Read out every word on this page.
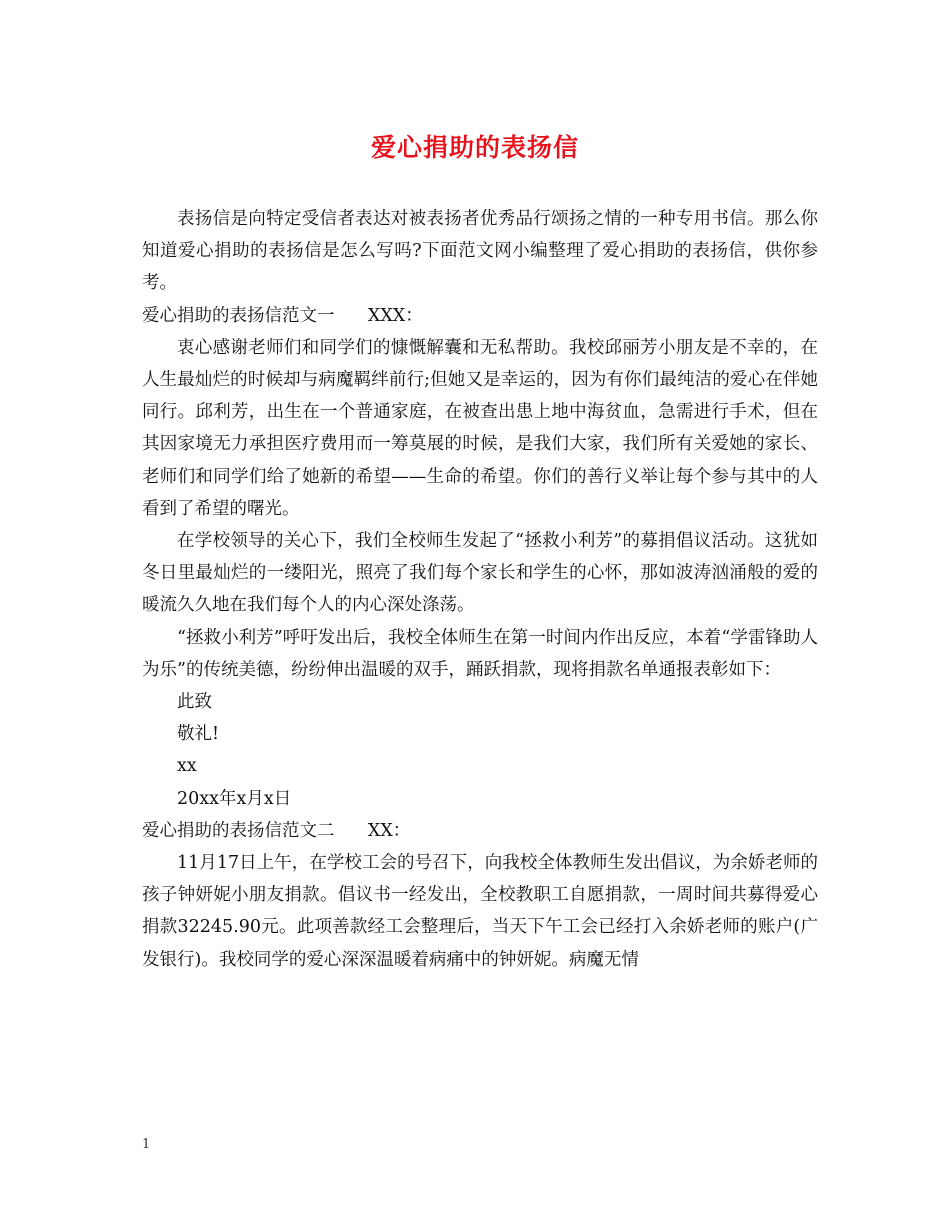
爱心捐助的表扬信

表扬信是向特定受信者表达对被表扬者优秀品行颂扬之情的一种专用书信。那么你知道爱心捐助的表扬信是怎么写吗?下面范文网小编整理了爱心捐助的表扬信，供你参考。

爱心捐助的表扬信范文一      XXX：

衷心感谢老师们和同学们的慷慨解囊和无私帮助。我校邱丽芳小朋友是不幸的，在人生最灿烂的时候却与病魔羁绊前行;但她又是幸运的，因为有你们最纯洁的爱心在伴她同行。邱利芳，出生在一个普通家庭，在被查出患上地中海贫血，急需进行手术，但在其因家境无力承担医疗费用而一筹莫展的时候，是我们大家，我们所有关爱她的家长、老师们和同学们给了她新的希望——生命的希望。你们的善行义举让每个参与其中的人看到了希望的曙光。

在学校领导的关心下，我们全校师生发起了“拯救小利芳”的募捐倡议活动。这犹如冬日里最灿烂的一缕阳光，照亮了我们每个家长和学生的心怀，那如波涛汹涌般的爱的暖流久久地在我们每个人的内心深处涤荡。

“拯救小利芳”呼吁发出后，我校全体师生在第一时间内作出反应，本着“学雷锋助人为乐”的传统美德，纷纷伸出温暖的双手，踊跃捐款，现将捐款名单通报表彰如下：

此致

敬礼!

xx

20xx年x月x日

爱心捐助的表扬信范文二      XX：

11月17日上午，在学校工会的号召下，向我校全体教师生发出倡议，为余娇老师的孩子钟妍妮小朋友捐款。倡议书一经发出，全校教职工自愿捐款，一周时间共募得爱心捐款32245.90元。此项善款经工会整理后，当天下午工会已经打入余娇老师的账户(广发银行)。我校同学的爱心深深温暖着病痛中的钟妍妮。病魔无情

1
